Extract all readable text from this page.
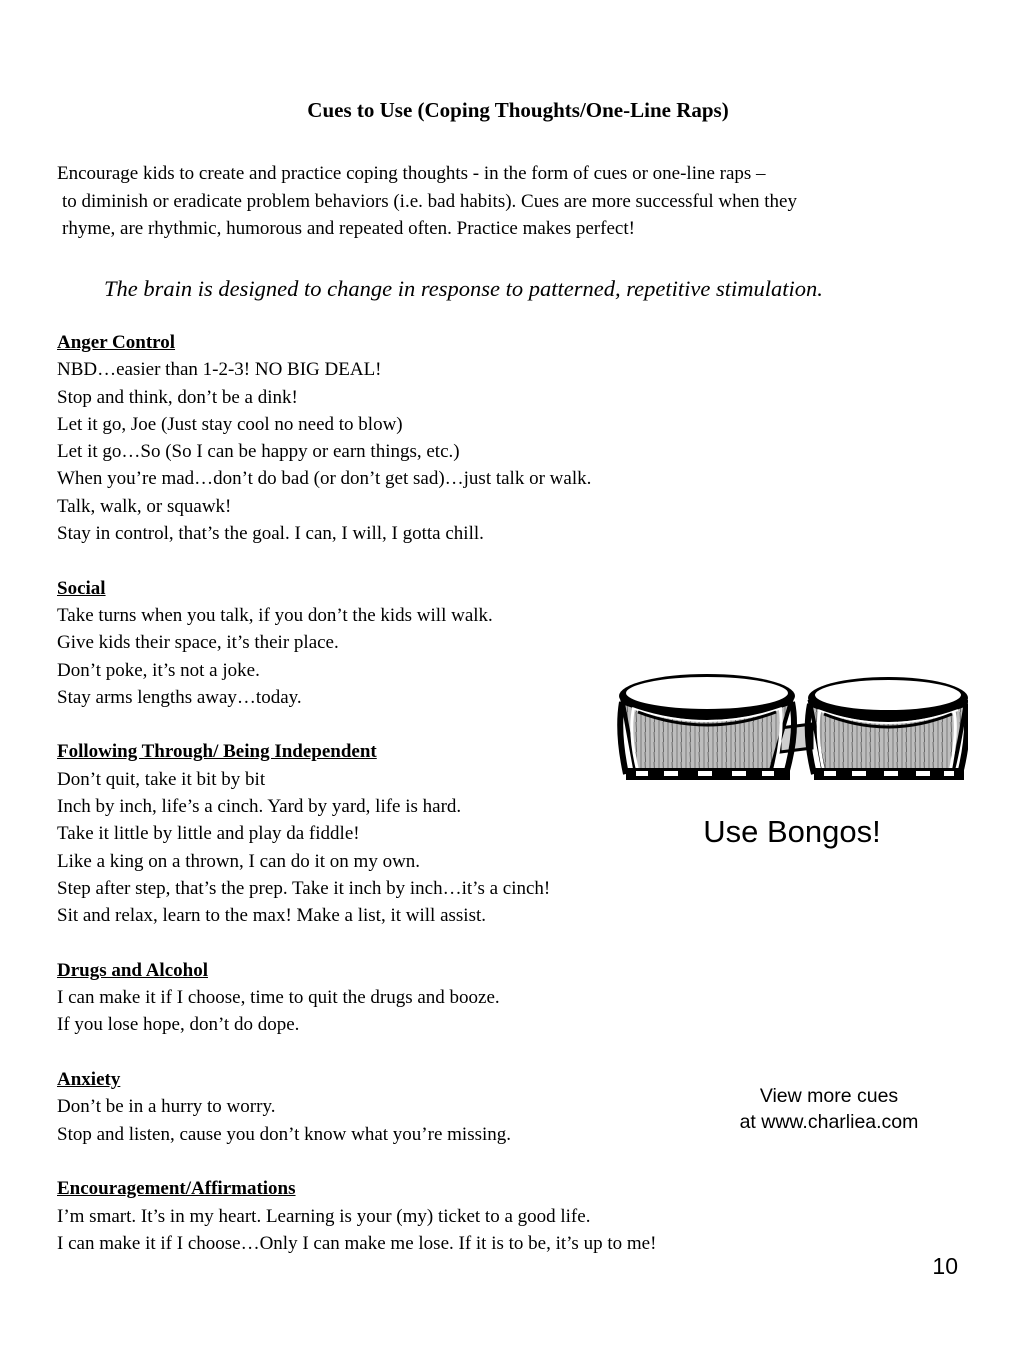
Cues to Use (Coping Thoughts/One-Line Raps)
Encourage kids to create and practice coping thoughts - in the form of cues or one-line raps –
to diminish or eradicate problem behaviors (i.e. bad habits). Cues are more successful when they
rhyme, are rhythmic, humorous and repeated often. Practice makes perfect!
The brain is designed to change in response to patterned, repetitive stimulation.
Anger Control
NBD…easier than 1-2-3! NO BIG DEAL!
Stop and think, don’t be a dink!
Let it go, Joe (Just stay cool no need to blow)
Let it go…So (So I can be happy or earn things, etc.)
When you’re mad…don’t do bad (or don’t get sad)…just talk or walk.
Talk, walk, or squawk!
Stay in control, that’s the goal. I can, I will, I gotta chill.
Social
Take turns when you talk, if you don’t the kids will walk.
Give kids their space, it’s their place.
Don’t poke, it’s not a joke.
Stay arms lengths away…today.
Following Through/ Being Independent
Don’t quit, take it bit by bit
Inch by inch, life’s a cinch. Yard by yard, life is hard.
Take it little by little and play da fiddle!
Like a king on a thrown, I can do it on my own.
Step after step, that’s the prep. Take it inch by inch…it’s a cinch!
Sit and relax, learn to the max! Make a list, it will assist.
Drugs and Alcohol
I can make it if I choose, time to quit the drugs and booze.
If you lose hope, don’t do dope.
Anxiety
Don’t be in a hurry to worry.
Stop and listen, cause you don’t know what you’re missing.
Encouragement/Affirmations
I’m smart. It’s in my heart. Learning is your (my) ticket to a good life.
I can make it if I choose…Only I can make me lose. If it is to be, it’s up to me!
Use Bongos!
View more cues
at www.charliea.com
10
